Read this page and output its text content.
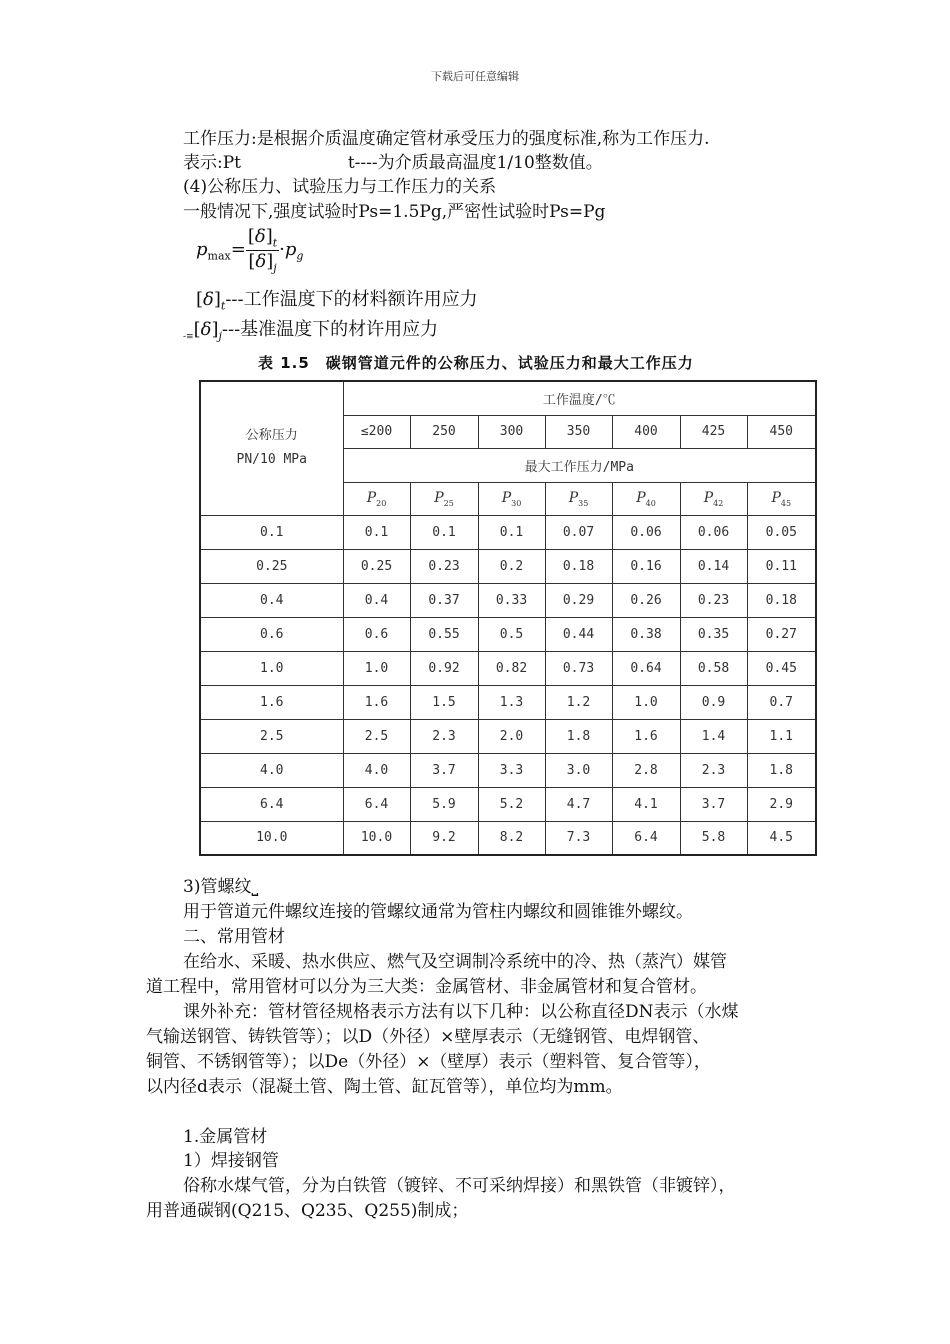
下载后可任意编辑
工作压力:是根据介质温度确定管材承受压力的强度标准,称为工作压力.
表示:Pt	t----为介质最高温度1/10整数值。
(4)公称压力、试验压力与工作压力的关系
一般情况下,强度试验时Ps=1.5Pg,严密性试验时Ps=Pg
$p_{max}= \frac{[\delta]_t}{[\delta]_j} \cdot p_g$
$[\delta]_t---$工作温度下的材料额许用应力
$_{-\equiv}[\delta]_j---$基准温度下的材许用应力
表 1.5　碳钢管道元件的公称压力、试验压力和最大工作压力
公称压力
PN/10 MPa	工作温度/℃						
	≤200	250	300	350	400	425	450
	最大工作压力/MPa						
	$P_{20}$	$P_{25}$	$P_{30}$	$P_{35}$	$P_{40}$	$P_{42}$	$P_{45}$
0.1	0.1	0.1	0.1	0.07	0.06	0.06	0.05
0.25	0.25	0.23	0.2	0.18	0.16	0.14	0.11
0.4	0.4	0.37	0.33	0.29	0.26	0.23	0.18
0.6	0.6	0.55	0.5	0.44	0.38	0.35	0.27
1.0	1.0	0.92	0.82	0.73	0.64	0.58	0.45
1.6	1.6	1.5	1.3	1.2	1.0	0.9	0.7
2.5	2.5	2.3	2.0	1.8	1.6	1.4	1.1
4.0	4.0	3.7	3.3	3.0	2.8	2.3	1.8
6.4	6.4	5.9	5.2	4.7	4.1	3.7	2.9
10.0	10.0	9.2	8.2	7.3	6.4	5.8	4.5
3)管螺纹⎵
用于管道元件螺纹连接的管螺纹通常为管柱内螺纹和圆锥锥外螺纹。
二、常用管材
在给水、采暖、热水供应、燃气及空调制冷系统中的冷、热（蒸汽）媒管
道工程中，常用管材可以分为三大类：金属管材、非金属管材和复合管材。
课外补充：管材管径规格表示方法有以下几种：以公称直径DN表示（水煤
气输送钢管、铸铁管等）；以D（外径）×壁厚表示（无缝钢管、电焊钢管、
铜管、不锈钢管等）；以De（外径）×（壁厚）表示（塑料管、复合管等），
以内径d表示（混凝土管、陶土管、缸瓦管等），单位均为mm。
1.金属管材
1）焊接钢管
俗称水煤气管，分为白铁管（镀锌、不可采纳焊接）和黑铁管（非镀锌），
用普通碳钢(Q215、Q235、Q255)制成；
